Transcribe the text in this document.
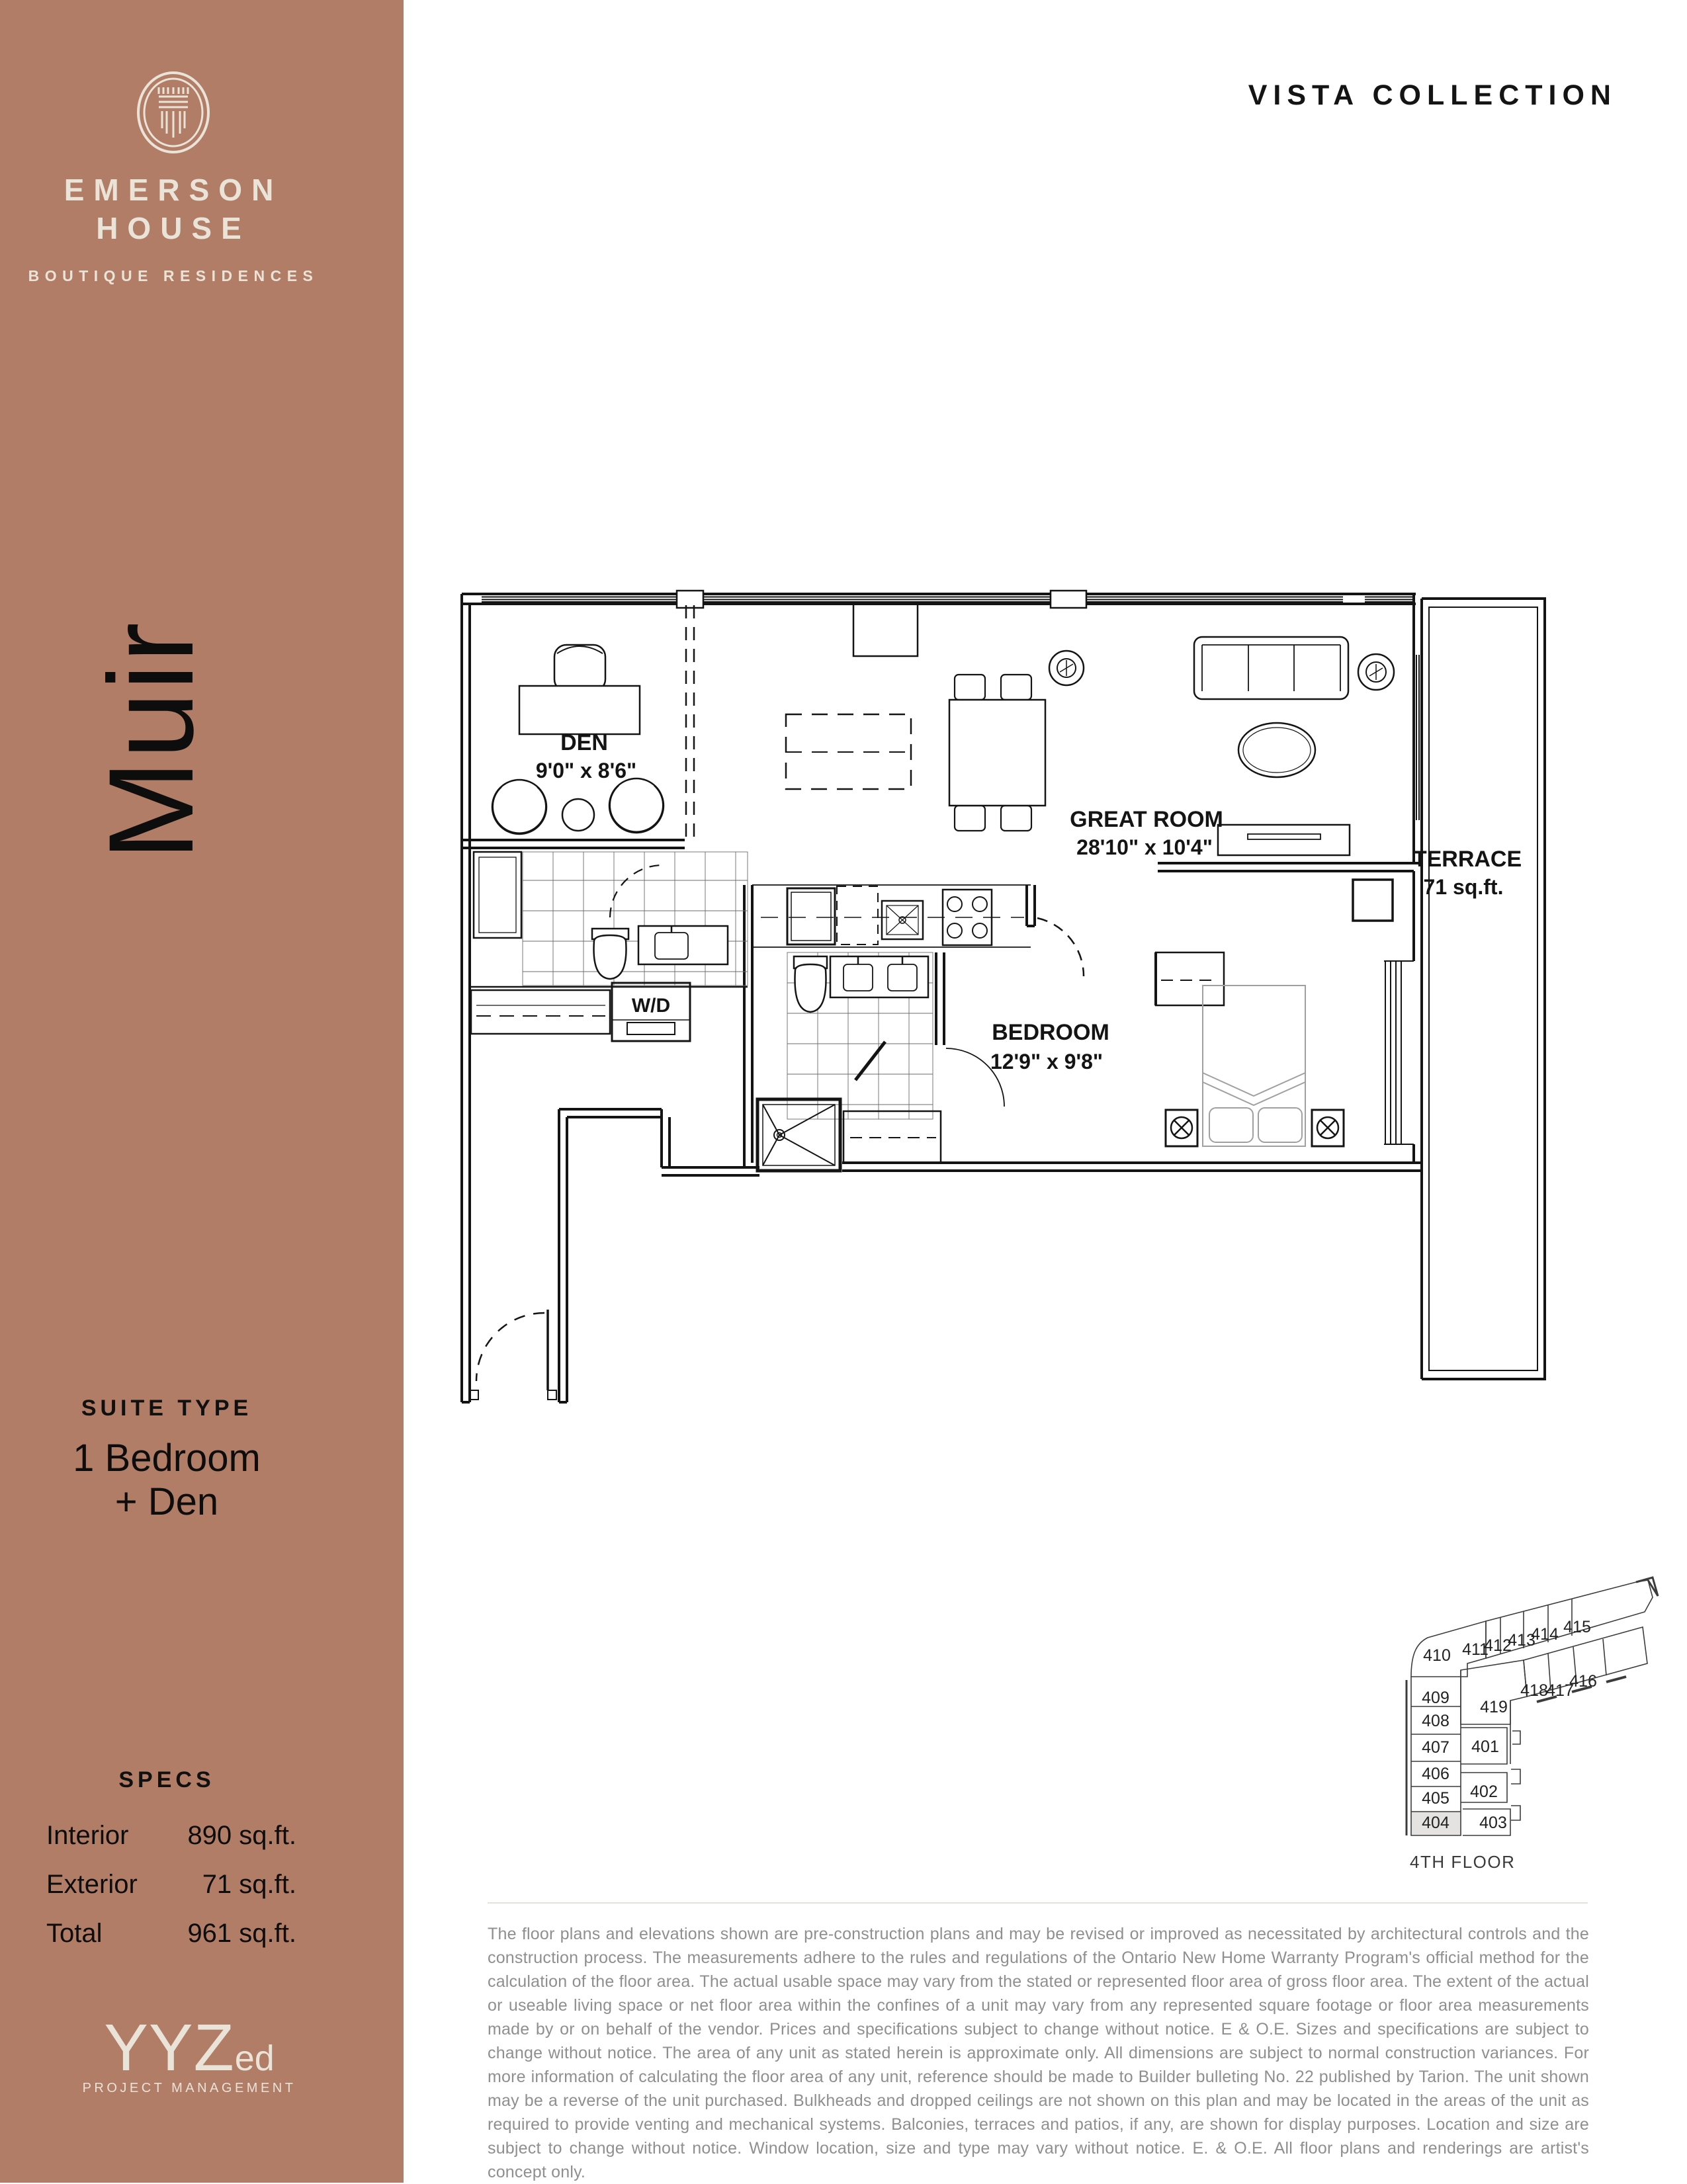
EMERSON
HOUSE
BOUTIQUE RESIDENCES
Muir
SUITE TYPE
1 Bedroom
+ Den
SPECS
Interior 890 sq.ft.
Exterior 71 sq.ft.
Total	961 sq.ft.
YYZ ed
PROJECT MANAGEMENT
VISTA COLLECTION
DEN
9'0" x 8'6"
GREAT ROOM
28'10" x 10'4"
BEDROOM
12'9" x 9'8"
TERRACE
71 sq.ft.
W/D
401
402
403
404
405
406
407
408
409
410 411
412
413
414 415
416
417
418
419
4TH FLOOR
The floor plans and elevations shown are pre-construction plans and may be revised or improved as necessitated by architectural controls and the construction process. The measurements adhere to the rules and regulations of the Ontario New Home Warranty Program's official method for the calculation of the floor area. The actual usable space may vary from the stated or represented floor area of gross floor area. The extent of the actual or useable living space or net floor area within the confines of a unit may vary from any represented square footage or floor area measurements made by or on behalf of the vendor. Prices and specifications subject to change without notice. E & O.E. Sizes and specifications are subject to change without notice. The area of any unit as stated herein is approximate only. All dimensions are subject to normal construction variances. For more information of calculating the floor area of any unit, reference should be made to Builder bulleting No. 22 published by Tarion. The unit shown may be a reverse of the unit purchased. Bulkheads and dropped ceilings are not shown on this plan and may be located in the areas of the unit as required to provide venting and mechanical systems. Balconies, terraces and patios, if any, are shown for display purposes. Location and size are subject to change without notice. Window location, size and type may vary without notice. E. & O.E. All floor plans and renderings are artist's concept only.
